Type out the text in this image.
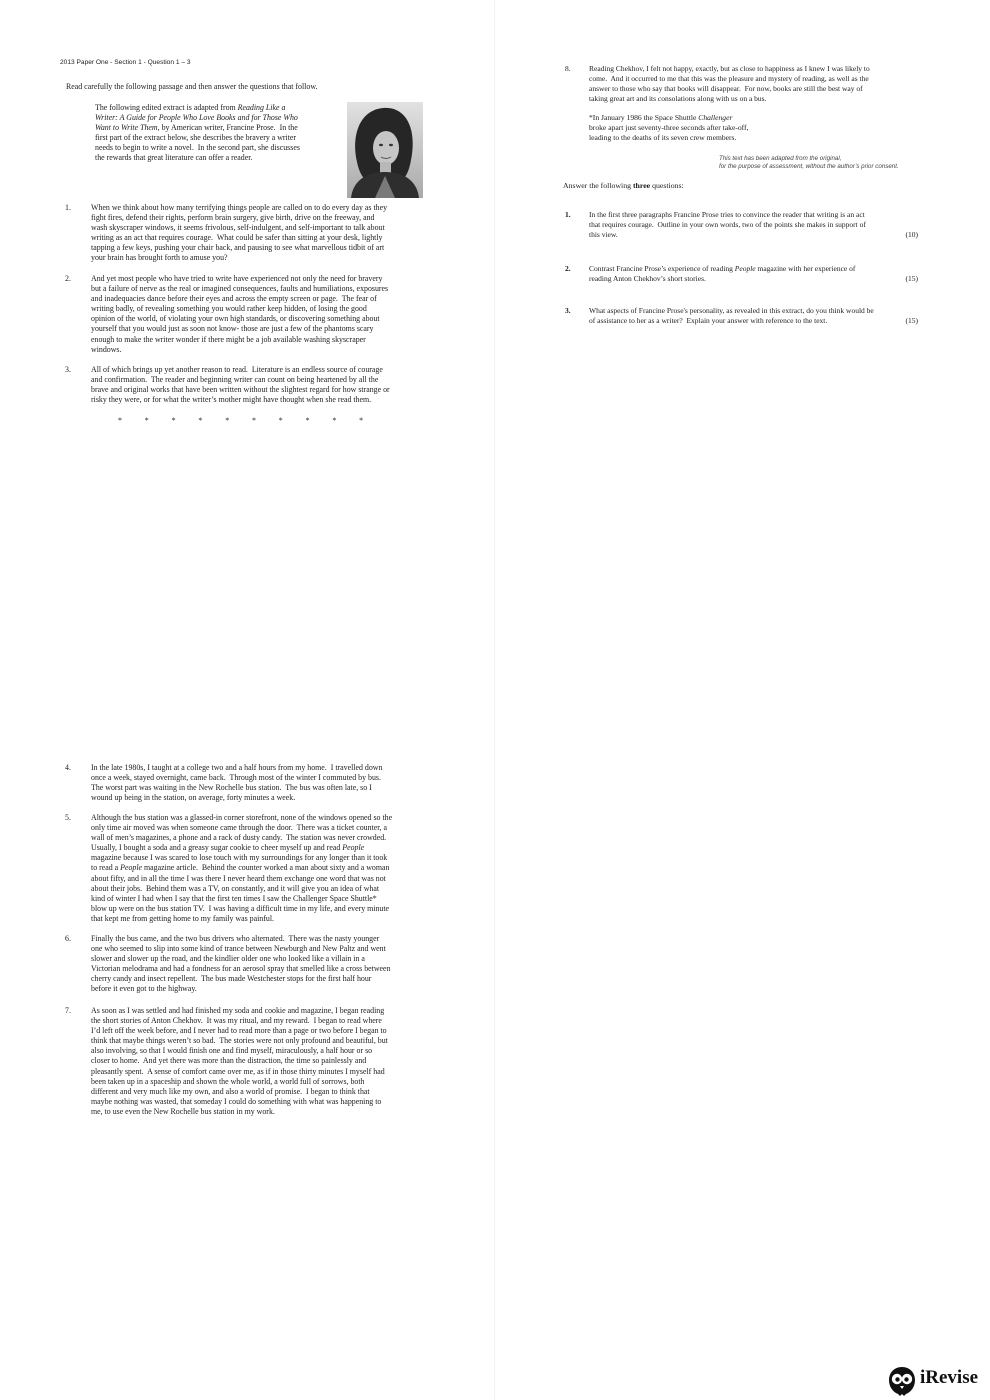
2013 Paper One - Section 1 - Question 1 – 3
Read carefully the following passage and then answer the questions that follow.
The following edited extract is adapted from Reading Like a
Writer: A Guide for People Who Love Books and for Those Who
Want to Write Them, by American writer, Francine Prose.  In the
first part of the extract below, she describes the bravery a writer
needs to begin to write a novel.  In the second part, she discusses
the rewards that great literature can offer a reader.
1.	When we think about how many terrifying things people are called on to do every day as they
fight fires, defend their rights, perform brain surgery, give birth, drive on the freeway, and
wash skyscraper windows, it seems frivolous, self-indulgent, and self-important to talk about
writing as an act that requires courage.  What could be safer than sitting at your desk, lightly
tapping a few keys, pushing your chair back, and pausing to see what marvellous tidbit of art
your brain has brought forth to amuse you?
2.	And yet most people who have tried to write have experienced not only the need for bravery
but a failure of nerve as the real or imagined consequences, faults and humiliations, exposures
and inadequacies dance before their eyes and across the empty screen or page.  The fear of
writing badly, of revealing something you would rather keep hidden, of losing the good
opinion of the world, of violating your own high standards, or discovering something about
yourself that you would just as soon not know- those are just a few of the phantoms scary
enough to make the writer wonder if there might be a job available washing skyscraper
windows.
3.	All of which brings up yet another reason to read.  Literature is an endless source of courage
and confirmation.  The reader and beginning writer can count on being heartened by all the
brave and original works that have been written without the slightest regard for how strange or
risky they were, or for what the writer’s mother might have thought when she read them.
*	*	*	*	*	*	*	*	*	*
8. Reading Chekhov, I felt not happy, exactly, but as close to happiness as I knew I was likely to
come.  And it occurred to me that this was the pleasure and mystery of reading, as well as the
answer to those who say that books will disappear.  For now, books are still the best way of
taking great art and its consolations along with us on a bus.
*In January 1986 the Space Shuttle Challenger
broke apart just seventy-three seconds after take-off,
leading to the deaths of its seven crew members.
This text has been adapted from the original,
for the purpose of assessment, without the author’s prior consent.
Answer the following three questions:
1. In the first three paragraphs Francine Prose tries to convince the reader that writing is an act
that requires courage.  Outline in your own words, two of the points she makes in support of
this view.	(10)
2. Contrast Francine Prose’s experience of reading People magazine with her experience of
reading Anton Chekhov’s short stories.	(15)
3. What aspects of Francine Prose's personality, as revealed in this extract, do you think would be
of assistance to her as a writer?  Explain your answer with reference to the text.	(15)
4.	In the late 1980s, I taught at a college two and a half hours from my home.  I travelled down
once a week, stayed overnight, came back.  Through most of the winter I commuted by bus.
The worst part was waiting in the New Rochelle bus station.  The bus was often late, so I
wound up being in the station, on average, forty minutes a week.
5.	Although the bus station was a glassed-in corner storefront, none of the windows opened so the
only time air moved was when someone came through the door.  There was a ticket counter, a
wall of men’s magazines, a phone and a rack of dusty candy.  The station was never crowded.
Usually, I bought a soda and a greasy sugar cookie to cheer myself up and read People
magazine because I was scared to lose touch with my surroundings for any longer than it took
to read a People magazine article.  Behind the counter worked a man about sixty and a woman
about fifty, and in all the time I was there I never heard them exchange one word that was not
about their jobs.  Behind them was a TV, on constantly, and it will give you an idea of what
kind of winter I had when I say that the first ten times I saw the Challenger Space Shuttle*
blow up were on the bus station TV.  I was having a difficult time in my life, and every minute
that kept me from getting home to my family was painful.
6.	Finally the bus came, and the two bus drivers who alternated.  There was the nasty younger
one who seemed to slip into some kind of trance between Newburgh and New Paltz and went
slower and slower up the road, and the kindlier older one who looked like a villain in a
Victorian melodrama and had a fondness for an aerosol spray that smelled like a cross between
cherry candy and insect repellent.  The bus made Westchester stops for the first half hour
before it even got to the highway.
7.	As soon as I was settled and had finished my soda and cookie and magazine, I began reading
the short stories of Anton Chekhov.  It was my ritual, and my reward.  I began to read where
I’d left off the week before, and I never had to read more than a page or two before I began to
think that maybe things weren’t so bad.  The stories were not only profound and beautiful, but
also involving, so that I would finish one and find myself, miraculously, a half hour or so
closer to home.  And yet there was more than the distraction, the time so painlessly and
pleasantly spent.  A sense of comfort came over me, as if in those thirty minutes I myself had
been taken up in a spaceship and shown the whole world, a world full of sorrows, both
different and very much like my own, and also a world of promise.  I began to think that
maybe nothing was wasted, that someday I could do something with what was happening to
me, to use even the New Rochelle bus station in my work.
iRevise
